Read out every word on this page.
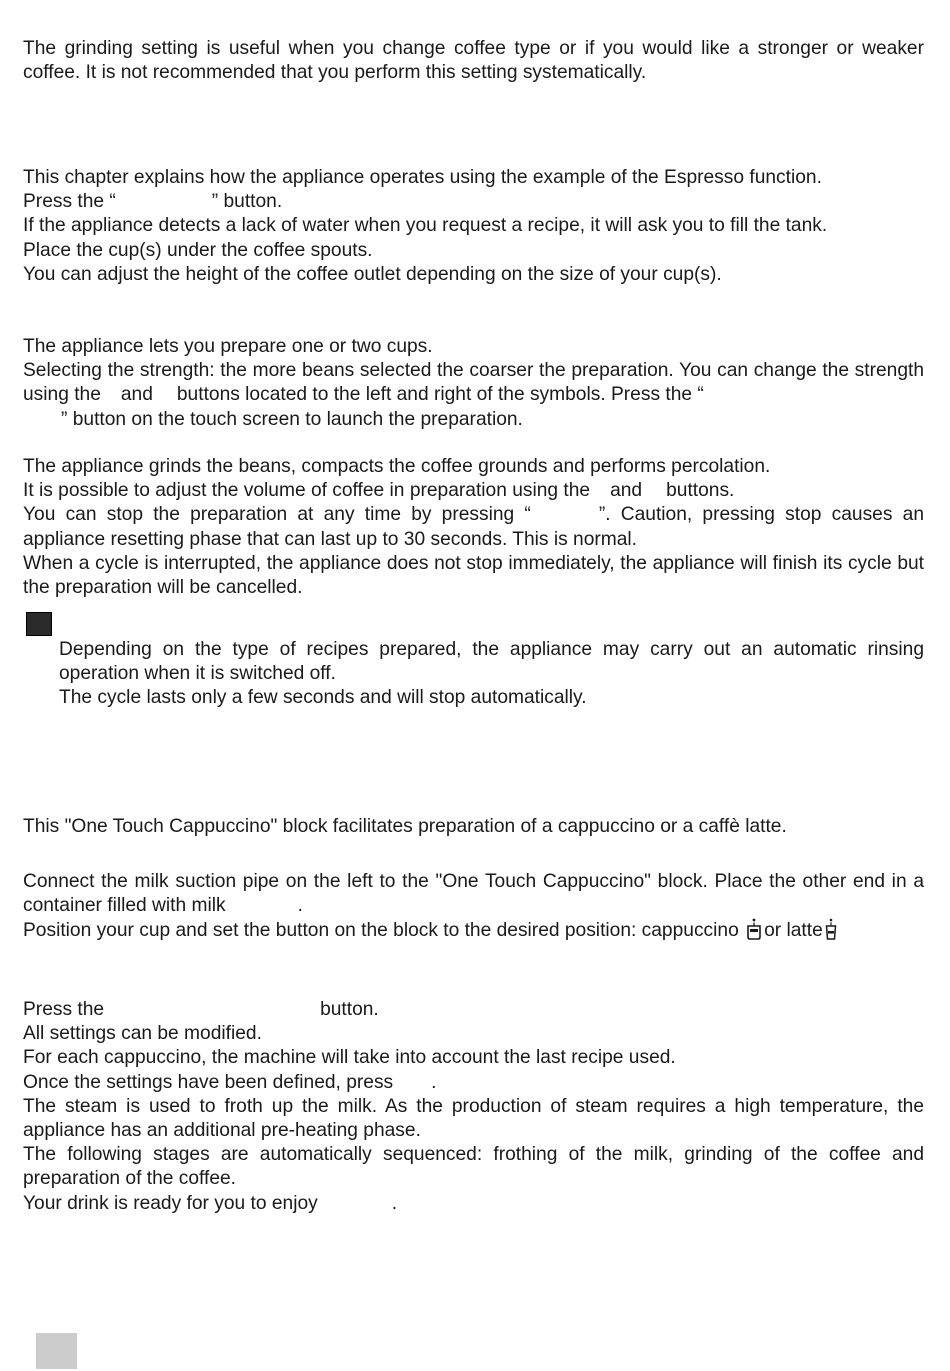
The grinding setting is useful when you change coffee type or if you would like a stronger or weaker coffee. It is not recommended that you perform this setting systematically.

This chapter explains how the appliance operates using the example of the Espresso function.

Press the “	” button.

If the appliance detects a lack of water when you request a recipe, it will ask you to fill the tank.

Place the cup(s) under the coffee spouts.

You can adjust the height of the coffee outlet depending on the size of your cup(s).

The appliance lets you prepare one or two cups.

Selecting the strength: the more beans selected the coarser the preparation. You can change the strength using the and buttons located to the left and right of the symbols. Press the “
” button on the touch screen to launch the preparation.

The appliance grinds the beans, compacts the coffee grounds and performs percolation.

It is possible to adjust the volume of coffee in preparation using the and buttons.

You can stop the preparation at any time by pressing “	”. Caution, pressing stop causes an appliance resetting phase that can last up to 30 seconds. This is normal.

When a cycle is interrupted, the appliance does not stop immediately, the appliance will finish its cycle but the preparation will be cancelled.

Depending on the type of recipes prepared, the appliance may carry out an automatic rinsing operation when it is switched off.

The cycle lasts only a few seconds and will stop automatically.

This "One Touch Cappuccino" block facilitates preparation of a cappuccino or a caffè latte.

Connect the milk suction pipe on the left to the "One Touch Cappuccino" block. Place the other end in a container filled with milk	.

Position your cup and set the button on the block to the desired position: cappuccino or latte

Press the	button.

All settings can be modified.

For each cappuccino, the machine will take into account the last recipe used.

Once the settings have been defined, press .

The steam is used to froth up the milk. As the production of steam requires a high temperature, the appliance has an additional pre-heating phase.

The following stages are automatically sequenced: frothing of the milk, grinding of the coffee and preparation of the coffee.

Your drink is ready for you to enjoy	.
